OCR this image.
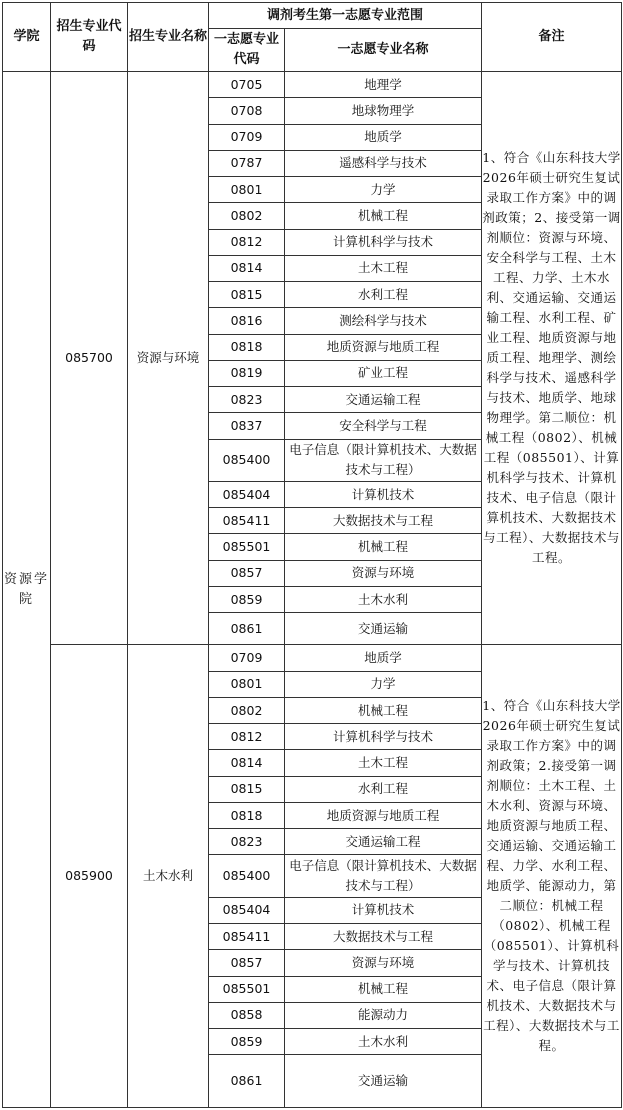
学院	招生专业代码	招生专业名称	调剂考生第一志愿专业范围		备注
			一志愿专业代码	一志愿专业名称	
资源学院	085700	资源与环境	0705	地理学	1、符合《山东科技大学2026年硕士研究生复试录取工作方案》中的调剂政策；2、接受第一调剂顺位：资源与环境、安全科学与工程、土木工程、力学、土木水利、交通运输、交通运输工程、水利工程、矿业工程、地质资源与地质工程、地理学、测绘科学与技术、遥感科学与技术、地质学、地球物理学。第二顺位：机械工程（0802）、机械工程（085501）、计算机科学与技术、计算机技术、电子信息（限计算机技术、大数据技术与工程）、大数据技术与工程。
			0708	地球物理学	
			0709	地质学	
			0787	遥感科学与技术	
			0801	力学	
			0802	机械工程	
			0812	计算机科学与技术	
			0814	土木工程	
			0815	水利工程	
			0816	测绘科学与技术	
			0818	地质资源与地质工程	
			0819	矿业工程	
			0823	交通运输工程	
			0837	安全科学与工程	
			085400	电子信息（限计算机技术、大数据技术与工程）	
			085404	计算机技术	
			085411	大数据技术与工程	
			085501	机械工程	
			0857	资源与环境	
			0859	土木水利	
			0861	交通运输	
	085900	土木水利	0709	地质学	1、符合《山东科技大学2026年硕士研究生复试录取工作方案》中的调剂政策；2.接受第一调剂顺位：土木工程、土木水利、资源与环境、地质资源与地质工程、交通运输、交通运输工程、力学、水利工程、地质学、能源动力，第二顺位：机械工程（0802）、机械工程（085501）、计算机科学与技术、计算机技术、电子信息（限计算机技术、大数据技术与工程）、大数据技术与工程。
			0801	力学	
			0802	机械工程	
			0812	计算机科学与技术	
			0814	土木工程	
			0815	水利工程	
			0818	地质资源与地质工程	
			0823	交通运输工程	
			085400	电子信息（限计算机技术、大数据技术与工程）	
			085404	计算机技术	
			085411	大数据技术与工程	
			0857	资源与环境	
			085501	机械工程	
			0858	能源动力	
			0859	土木水利	
			0861	交通运输	
